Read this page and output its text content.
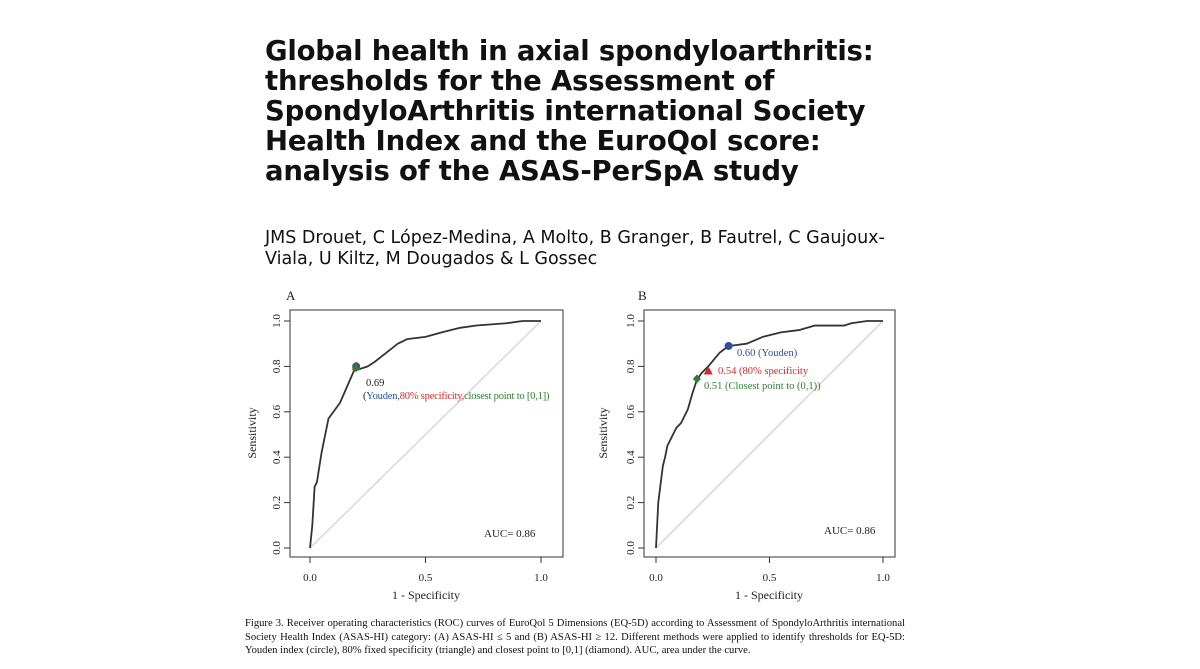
Global health in axial spondyloarthritis: thresholds for the Assessment of SpondyloArthritis international Society Health Index and the EuroQol score: analysis of the ASAS-PerSpA study

JMS Drouet, C López-Medina, A Molto, B Granger, B Fautrel, C Gaujoux-Viala, U Kiltz, M Dougados & L Gossec

A
0.0
0.2
0.4
0.6
0.8
1.0
0.0	0.5	1.0
0.69
(Youden,80% specificity,closest point to [0,1])
AUC= 0.86
1 - Specificity
Sensitivity
B
0.0
0.2
0.4
0.6
0.8
1.0
0.0	0.5	1.0
0.60 (Youden)
0.54 (80% specificity
0.51 (Closest point to (0,1))
AUC= 0.86
1 - Specificity
Sensitivity

Figure 3. Receiver operating characteristics (ROC) curves of EuroQol 5 Dimensions (EQ-5D) according to Assessment of SpondyloArthritis international Society Health Index (ASAS-HI) category: (A) ASAS-HI ≤ 5 and (B) ASAS-HI ≥ 12. Different methods were applied to identify thresholds for EQ-5D: Youden index (circle), 80% fixed specificity (triangle) and closest point to [0,1] (diamond). AUC, area under the curve.
